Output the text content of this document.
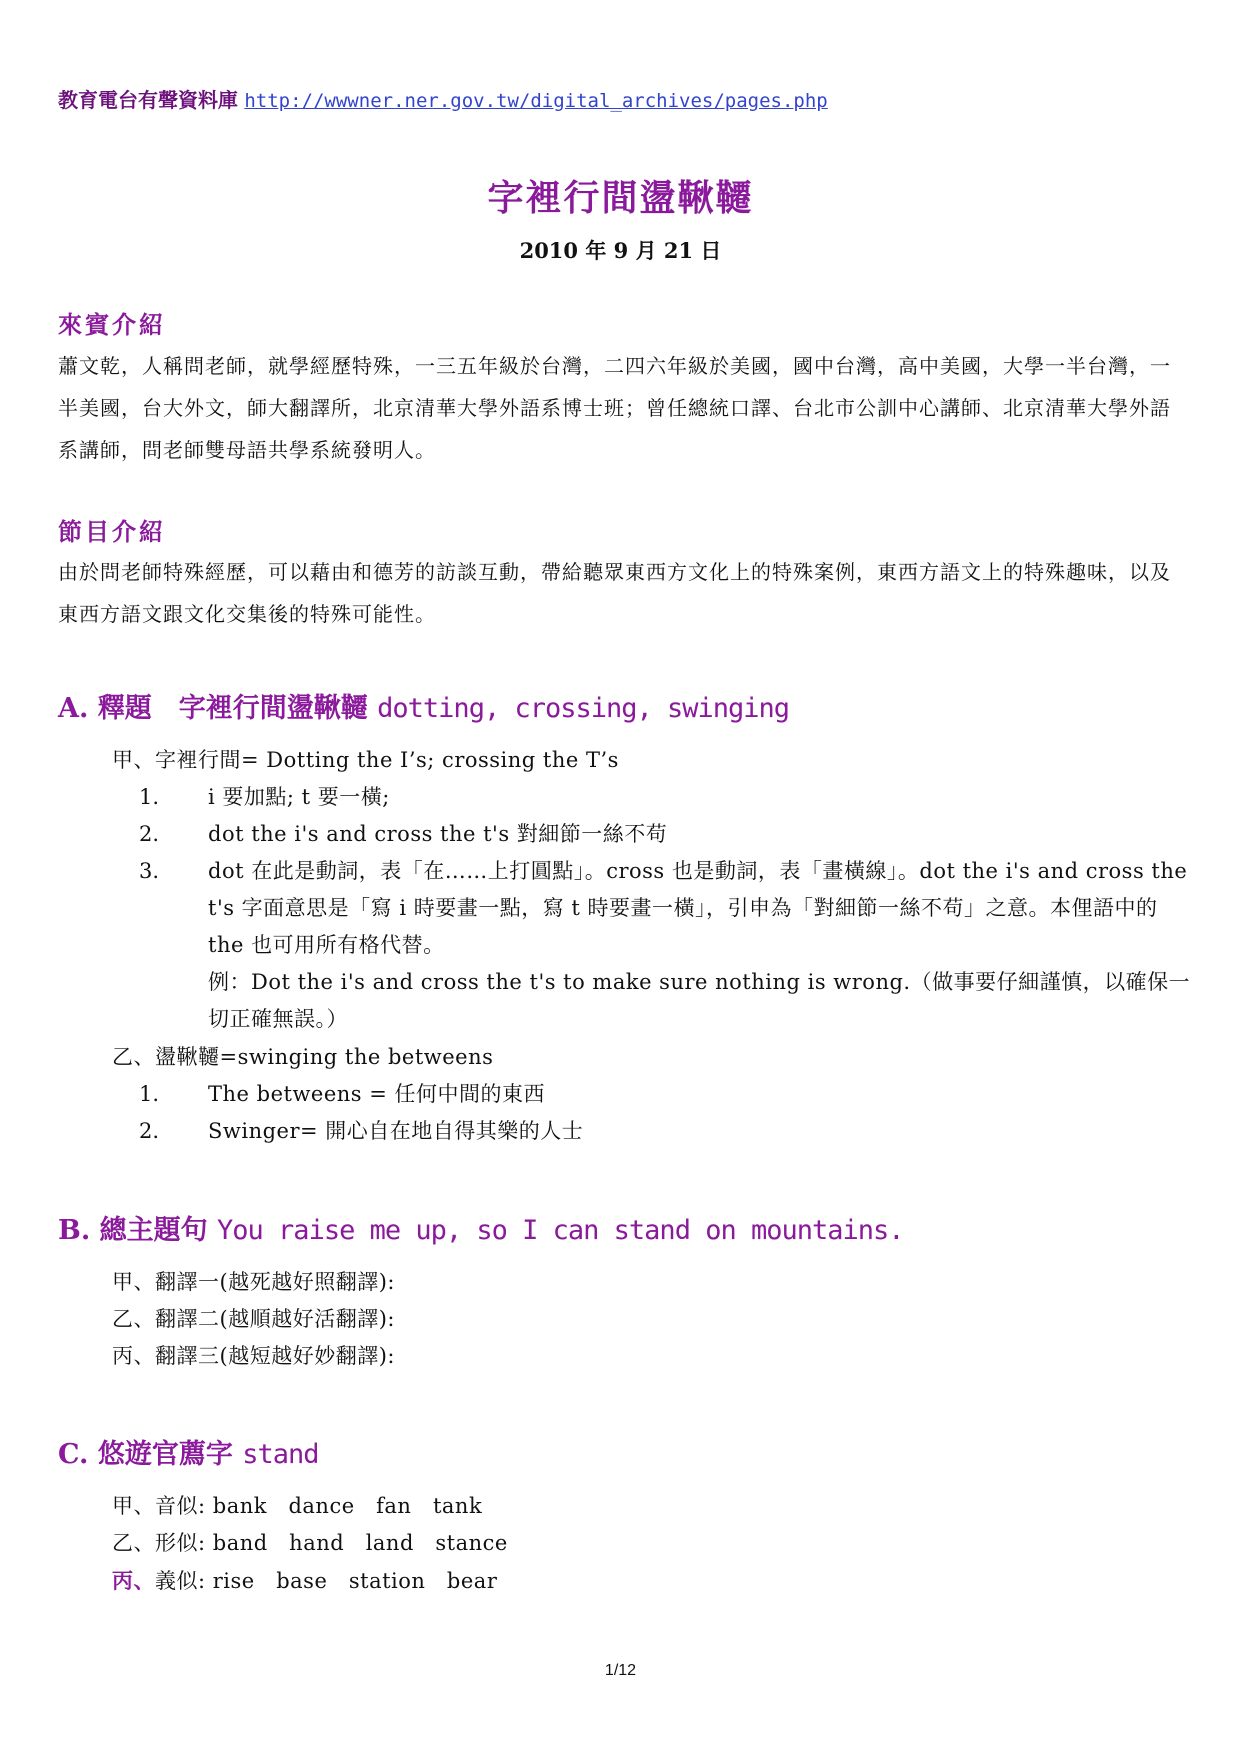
教育電台有聲資料庫 http://wwwner.ner.gov.tw/digital_archives/pages.php
字裡行間盪鞦韆
2010 年 9 月 21 日
來賓介紹
蕭文乾，人稱問老師，就學經歷特殊，一三五年級於台灣，二四六年級於美國，國中台灣，高中美國，大學一半台灣，一半美國，台大外文，師大翻譯所，北京清華大學外語系博士班；曾任總統口譯、台北市公訓中心講師、北京清華大學外語系講師，問老師雙母語共學系統發明人。
節目介紹
由於問老師特殊經歷，可以藉由和德芳的訪談互動，帶給聽眾東西方文化上的特殊案例，東西方語文上的特殊趣味，以及東西方語文跟文化交集後的特殊可能性。
A. 釋題　字裡行間盪鞦韆 dotting, crossing, swinging
甲、字裡行間= Dotting the I’s; crossing the T’s
1. i 要加點; t 要一橫;
2. dot the i's and cross the t's 對細節一絲不苟
3. dot 在此是動詞，表「在……上打圓點」。cross 也是動詞，表「畫橫線」。dot the i's and cross the t's 字面意思是「寫 i 時要畫一點，寫 t 時要畫一橫」，引申為「對細節一絲不苟」之意。本俚語中的 the 也可用所有格代替。
例：Dot the i's and cross the t's to make sure nothing is wrong.（做事要仔細謹慎，以確保一切正確無誤。）
乙、盪鞦韆=swinging the betweens
1. The betweens = 任何中間的東西
2. Swinger= 開心自在地自得其樂的人士
B. 總主題句 You raise me up, so I can stand on mountains.
甲、翻譯一(越死越好照翻譯):
乙、翻譯二(越順越好活翻譯):
丙、翻譯三(越短越好妙翻譯):
C. 悠遊官薦字 stand
甲、音似: bank　dance　fan　tank
乙、形似: band　hand　land　stance
丙、義似: rise　base　station　bear
1/12
